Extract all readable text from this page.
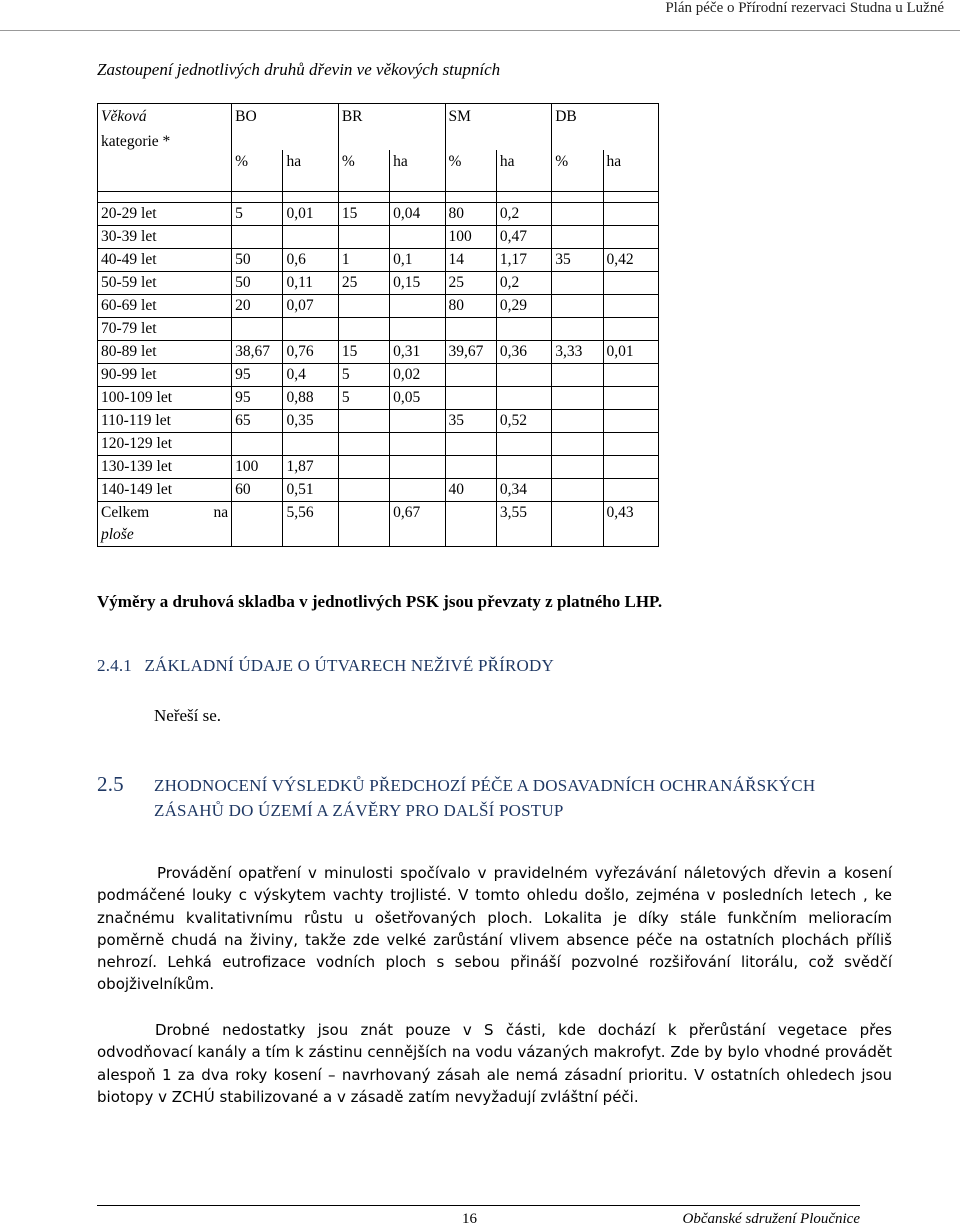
Plán péče o Přírodní rezervaci Studna u Lužné
Zastoupení jednotlivých druhů dřevin ve věkových stupních
Věková	BO		BR		SM		DB	
kategorie *	%	ha	%	ha	%	ha	%	ha

20-29 let	5	0,01	15	0,04	80	0,2		
30-39 let					100	0,47		
40-49 let	50	0,6	1	0,1	14	1,17	35	0,42
50-59 let	50	0,11	25	0,15	25	0,2		
60-69 let	20	0,07			80	0,29		
70-79 let								
80-89 let	38,67	0,76	15	0,31	39,67	0,36	3,33	0,01
90-99 let	95	0,4	5	0,02				
100-109 let	95	0,88	5	0,05				
110-119 let	65	0,35			35	0,52		
120-129 let								
130-139 let	100	1,87						
140-149 let	60	0,51			40	0,34		

Celkem na
ploše		5,56		0,67		3,55		0,43
Výměry a druhová skladba v jednotlivých PSK jsou převzaty z platného LHP.
2.4.1 ZÁKLADNÍ ÚDAJE O ÚTVARECH NEŽIVÉ PŘÍRODY
Neřeší se.
2.5 ZHODNOCENÍ VÝSLEDKŮ PŘEDCHOZÍ PÉČE A DOSAVADNÍCH OCHRANÁŘSKÝCH
ZÁSAHŮ DO ÚZEMÍ A ZÁVĚRY PRO DALŠÍ POSTUP
Provádění opatření v minulosti spočívalo v pravidelném vyřezávání náletových dřevin a kosení podmáčené louky c výskytem vachty trojlisté. V tomto ohledu došlo, zejména v posledních letech , ke značnému kvalitativnímu růstu u ošetřovaných ploch. Lokalita je díky stále funkčním melioracím poměrně chudá na živiny, takže zde velké zarůstání vlivem absence péče na ostatních plochách příliš nehrozí. Lehká eutrofizace vodních ploch s sebou přináší pozvolné rozšiřování litorálu, což svědčí obojživelníkům.
Drobné nedostatky jsou znát pouze v S části, kde dochází k přerůstání vegetace přes odvodňovací kanály a tím k zástinu cennějších na vodu vázaných makrofyt. Zde by bylo vhodné provádět alespoň 1 za dva roky kosení – navrhovaný zásah ale nemá zásadní prioritu. V ostatních ohledech jsou biotopy v ZCHÚ stabilizované a v zásadě zatím nevyžadují zvláštní péči.
16	Občanské sdružení Ploučnice
